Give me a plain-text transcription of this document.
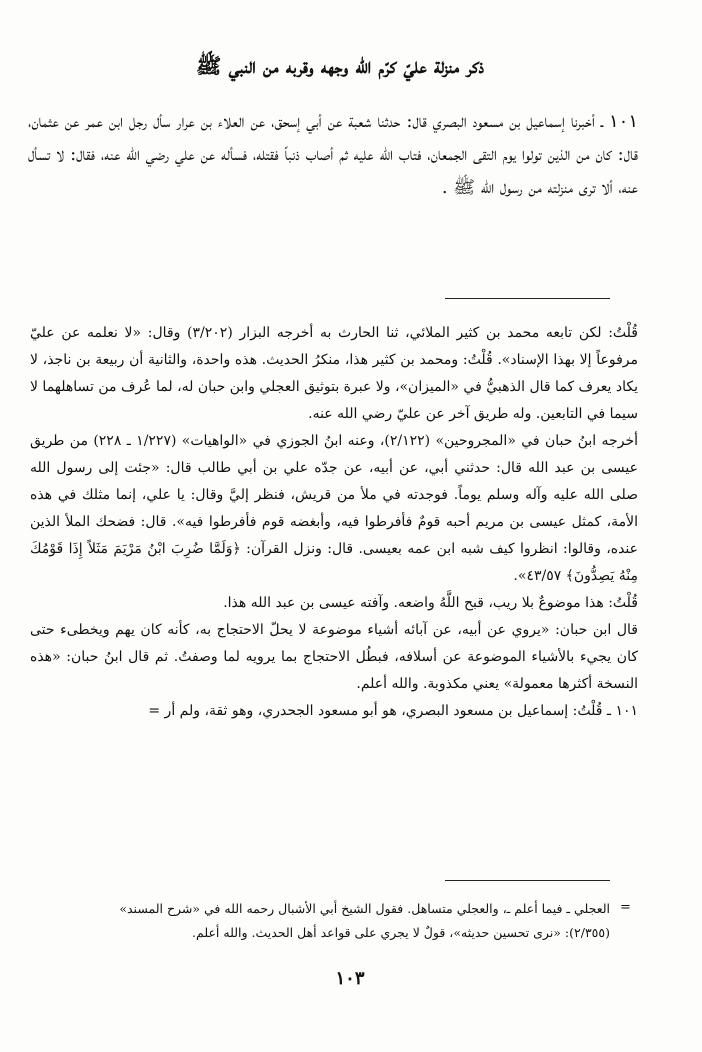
ذكر منزلة عليّ كرّم الله وجهه وقربه من النبي ﷺ

١٠١ ـ أخبرنا إسماعيل بن مسعود البصري قال: حدثنا شعبة عن أبي إسحق، عن العلاء بن عرار سأل رجل ابن عمر عن عثمان، قال: كان من الذين تولوا يوم التقى الجمعان، فتاب الله عليه ثم أصاب ذنباً فقتله، فسأله عن علي رضي الله عنه، فقال: لا تسأل عنه، ألا ترى منزلته من رسول الله ﷺ .

قُلْتُ: لكن تابعه محمد بن كثير الملائي، ثنا الحارث به أخرجه البزار (٣/٢٠٢) وقال: «لا نعلمه عن عليّ مرفوعاً إلا بهذا الإسناد». قُلْتُ: ومحمد بن كثير هذا، منكرُ الحديث. هذه واحدة، والثانية أن ربيعة بن ناجذ، لا يكاد يعرف كما قال الذهبيُّ في «الميزان»، ولا عبرة بتوثيق العجلي وابن حبان له، لما عُرف من تساهلهما لا سيما في التابعين. وله طريق آخر عن عليّ رضي الله عنه.

أخرجه ابنُ حبان في «المجروحين» (٢/١٢٢)، وعنه ابنُ الجوزي في «الواهيات» (١/٢٢٧ ـ ٢٢٨) من طريق عيسى بن عبد الله قال: حدثني أبي، عن أبيه، عن جدّه علي بن أبي طالب قال: «جئت إلى رسول الله صلى الله عليه وآله وسلم يوماً. فوجدته في ملأ من قريش، فنظر إليَّ وقال: يا علي، إنما مثلك في هذه الأمة، كمثل عيسى بن مريم أحبه قومٌ فأفرطوا فيه، وأبغضه قوم فأفرطوا فيه». قال: فضحك الملأ الذين عنده، وقالوا: انظروا كيف شبه ابن عمه بعيسى. قال: ونزل القرآن: ﴿وَلَمَّا ضُرِبَ ابْنُ مَرْيَمَ مَثَلاً إِذَا قَوْمُكَ مِنْهُ يَصِدُّونَ﴾ ٤٣/٥٧».

قُلْتُ: هذا موضوعٌ بلا ريب، قبح اللَّهُ واضعه. وآفته عيسى بن عبد الله هذا.

قال ابن حبان: «يروي عن أبيه، عن آبائه أشياء موضوعة لا يحلّ الاحتجاج به، كأنه كان يهم ويخطىء حتى كان يجيء بالأشياء الموضوعة عن أسلافه، فبطُل الاحتجاج بما يرويه لما وصفتُ. ثم قال ابنُ حبان: «هذه النسخة أكثرها معمولة» يعني مكذوبة. والله أعلم.

١٠١ ـ قُلْتُ: إسماعيل بن مسعود البصري، هو أبو مسعود الجحدري، وهو ثقة، ولم أر =

=

العجلي ـ فيما أعلم ـ، والعجلي متساهل. فقول الشيخ أبي الأشبال رحمه الله في «شرح المسند»

(٢/٣٥٥): «نرى تحسين حديثه»، قولٌ لا يجري على قواعد أهل الحديث. والله أعلم.

١٠٣
